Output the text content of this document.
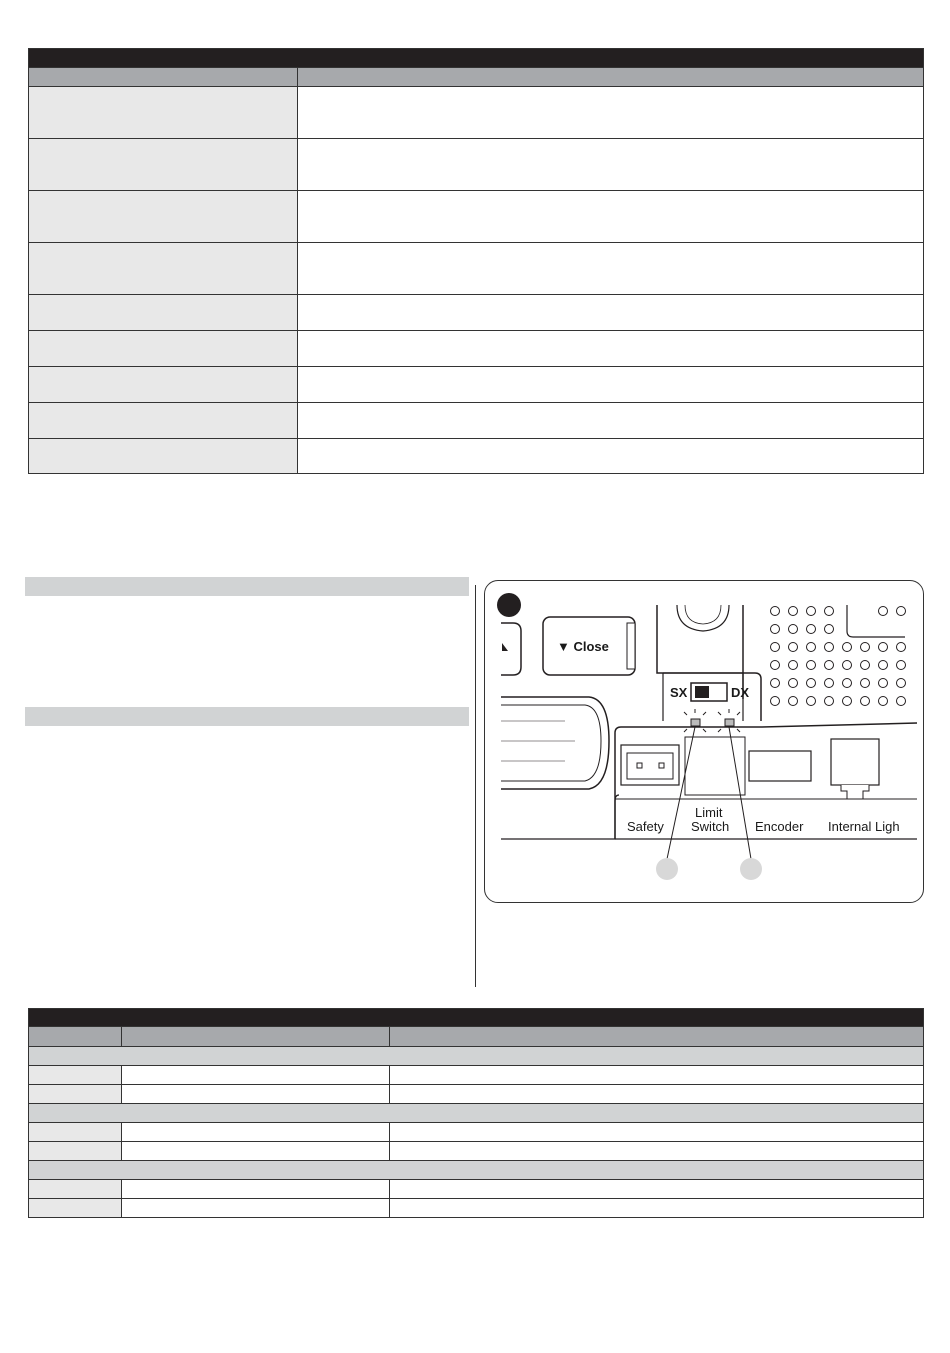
▼ Close
SX	DX
Safety
Limit
Switch Encoder Internal Ligh
